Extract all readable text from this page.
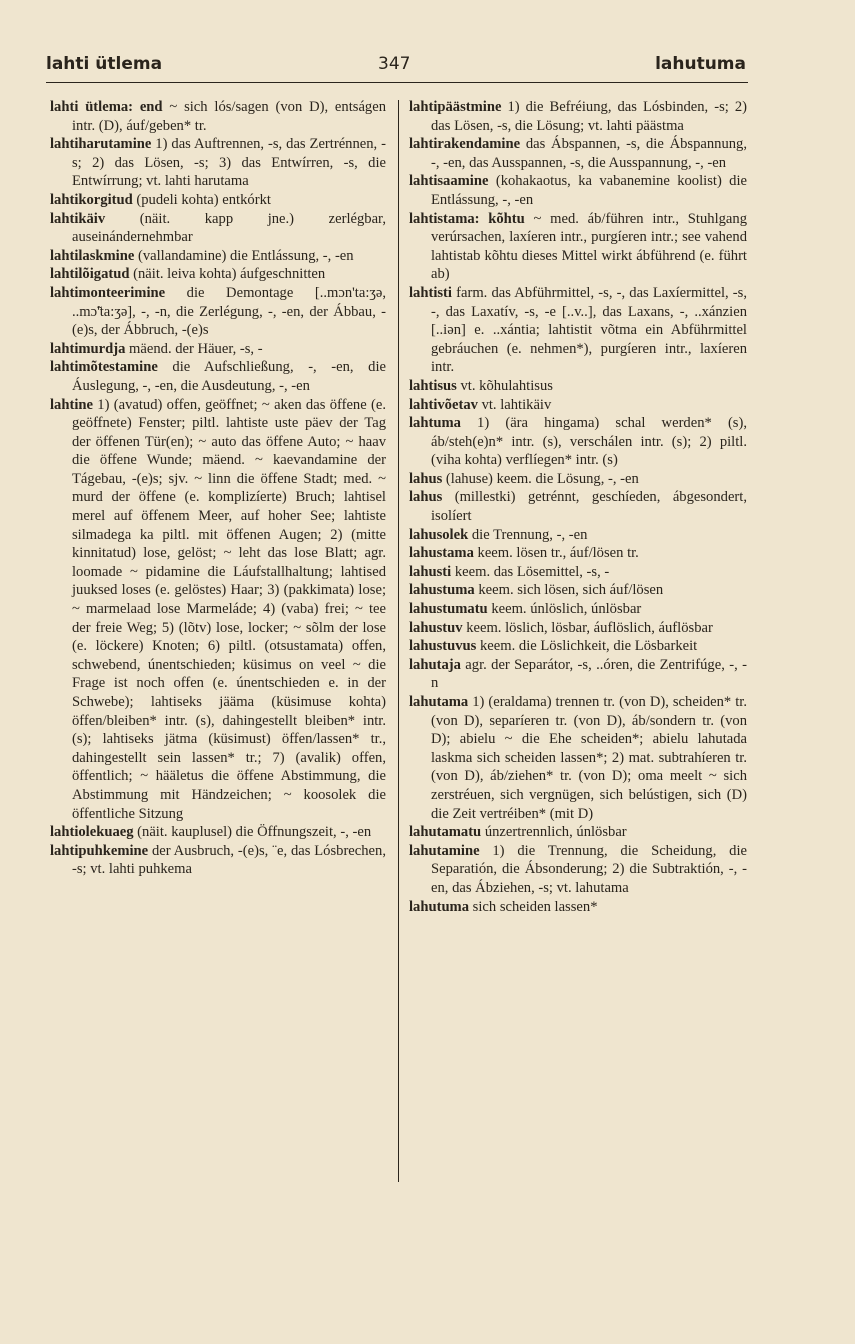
lahti ütlema	347	lahutuma

lahti ütlema: end ~ sich lós/sagen (von D), entságen intr. (D), áuf/geben* tr.

lahtiharutamine 1) das Auftrennen, -s, das Zertrénnen, -s; 2) das Lösen, -s; 3) das Entwírren, -s, die Entwírrung; vt. lahti harutama

lahtikorgitud (pudeli kohta) entkórkt

lahtikäiv (näit. kapp jne.) zerlégbar, auseinándernehmbar

lahtilaskmine (vallandamine) die Entlássung, -, -en

lahtilõigatud (näit. leiva kohta) áufgeschnitten

lahtimonteerimine die Demontage [..mɔn'ta:ʒə, ..mɔ̃'ta:ʒə], -, -n, die Zerlégung, -, -en, der Ábbau, -(e)s, der Ábbruch, -(e)s

lahtimurdja mäend. der Häuer, -s, -

lahtimõtestamine die Aufschließung, -, -en, die Áuslegung, -, -en, die Ausdeutung, -, -en

lahtine 1) (avatud) offen, geöffnet; ~ aken das öffene (e. geöffnete) Fenster; piltl. lahtiste uste päev der Tag der öffenen Tür(en); ~ auto das öffene Auto; ~ haav die öffene Wunde; mäend. ~ kaevandamine der Tágebau, -(e)s; sjv. ~ linn die öffene Stadt; med. ~ murd der öffene (e. komplizíerte) Bruch; lahtisel merel auf öffenem Meer, auf hoher See; lahtiste silmadega ka piltl. mit öffenen Augen; 2) (mitte kinnitatud) lose, gelöst; ~ leht das lose Blatt; agr. loomade ~ pidamine die Láufstallhaltung; lahtised juuksed loses (e. gelöstes) Haar; 3) (pakkimata) lose; ~ marmelaad lose Marmeláde; 4) (vaba) frei; ~ tee der freie Weg; 5) (lõtv) lose, locker; ~ sõlm der lose (e. löckere) Knoten; 6) piltl. (otsustamata) offen, schwebend, únentschieden; küsimus on veel ~ die Frage ist noch offen (e. únentschieden e. in der Schwebe); lahtiseks jääma (küsimuse kohta) öffen/bleiben* intr. (s), dahingestellt bleiben* intr. (s); lahtiseks jätma (küsimust) öffen/lassen* tr., dahingestellt sein lassen* tr.; 7) (avalik) offen, öffentlich; ~ hääletus die öffene Abstimmung, die Abstimmung mit Händzeichen; ~ koosolek die öffentliche Sitzung

lahtiolekuaeg (näit. kauplusel) die Öffnungszeit, -, -en

lahtipuhkemine der Ausbruch, -(e)s, ¨e, das Lósbrechen, -s; vt. lahti puhkema

lahtipäästmine 1) die Befréiung, das Lósbinden, -s; 2) das Lösen, -s, die Lösung; vt. lahti päästma

lahtirakendamine das Ábspannen, -s, die Ábspannung, -, -en, das Ausspannen, -s, die Ausspannung, -, -en

lahtisaamine (kohakaotus, ka vabanemine koolist) die Entlássung, -, -en

lahtistama: kõhtu ~ med. áb/führen intr., Stuhlgang verúrsachen, laxíeren intr., purgíeren intr.; see vahend lahtistab kõhtu dieses Mittel wirkt ábführend (e. führt ab)

lahtisti farm. das Abführmittel, -s, -, das Laxíermittel, -s, -, das Laxatív, -s, -e [..v..], das Laxans, -, ..xánzien [..iən] e. ..xántia; lahtistit võtma ein Abführmittel gebráuchen (e. nehmen*), purgíeren intr., laxíeren intr.

lahtisus vt. kõhulahtisus

lahtivõetav vt. lahtikäiv

lahtuma 1) (ära hingama) schal werden* (s), áb/steh(e)n* intr. (s), verschálen intr. (s); 2) piltl. (viha kohta) verflíegen* intr. (s)

lahus (lahuse) keem. die Lösung, -, -en

lahus (millestki) getrénnt, geschíeden, ábgesondert, isolíert

lahusolek die Trennung, -, -en

lahustama keem. lösen tr., áuf/lösen tr.

lahusti keem. das Lösemittel, -s, -

lahustuma keem. sich lösen, sich áuf/lösen

lahustumatu keem. únlöslich, únlösbar

lahustuv keem. löslich, lösbar, áuflöslich, áuflösbar

lahustuvus keem. die Löslichkeit, die Lösbarkeit

lahutaja agr. der Separátor, -s, ..óren, die Zentrifúge, -, -n

lahutama 1) (eraldama) trennen tr. (von D), scheiden* tr. (von D), separíeren tr. (von D), áb/sondern tr. (von D); abielu ~ die Ehe scheiden*; abielu lahutada laskma sich scheiden lassen*; 2) mat. subtrahíeren tr. (von D), áb/ziehen* tr. (von D); oma meelt ~ sich zerstréuen, sich vergnügen, sich belústigen, sich (D) die Zeit vertréiben* (mit D)

lahutamatu únzertrennlich, únlösbar

lahutamine 1) die Trennung, die Scheidung, die Separatión, die Ábsonderung; 2) die Subtraktión, -, -en, das Ábziehen, -s; vt. lahutama

lahutuma sich scheiden lassen*
